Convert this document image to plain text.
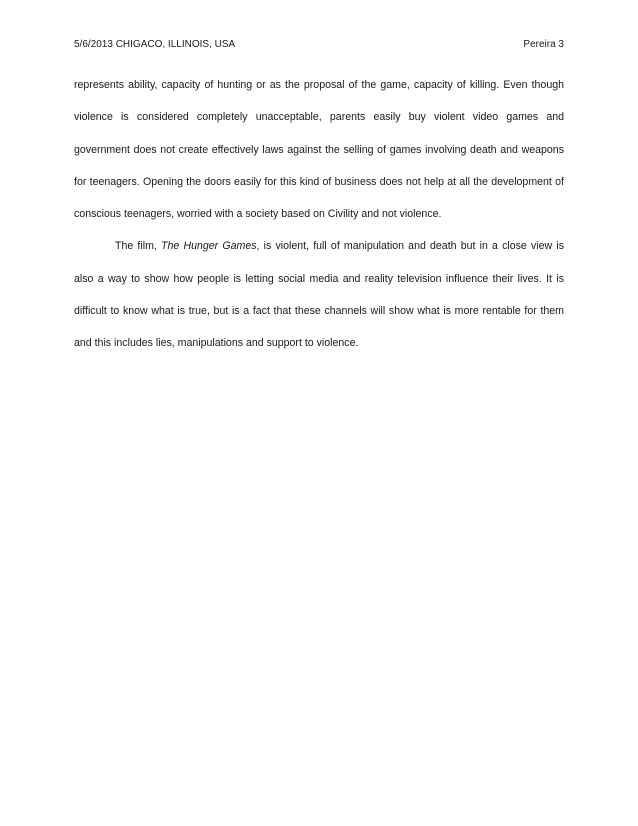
5/6/2013 CHIGACO, ILLINOIS, USA	Pereira 3

represents ability, capacity of hunting or as the proposal of the game, capacity of killing. Even though violence is considered completely unacceptable, parents easily buy violent video games and government does not create effectively laws against the selling of games involving death and weapons for teenagers. Opening the doors easily for this kind of business does not help at all the development of conscious teenagers, worried with a society based on Civility and not violence.

The film, The Hunger Games, is violent, full of manipulation and death but in a close view is also a way to show how people is letting social media and reality television influence their lives. It is difficult to know what is true, but is a fact that these channels will show what is more rentable for them and this includes lies, manipulations and support to violence.
